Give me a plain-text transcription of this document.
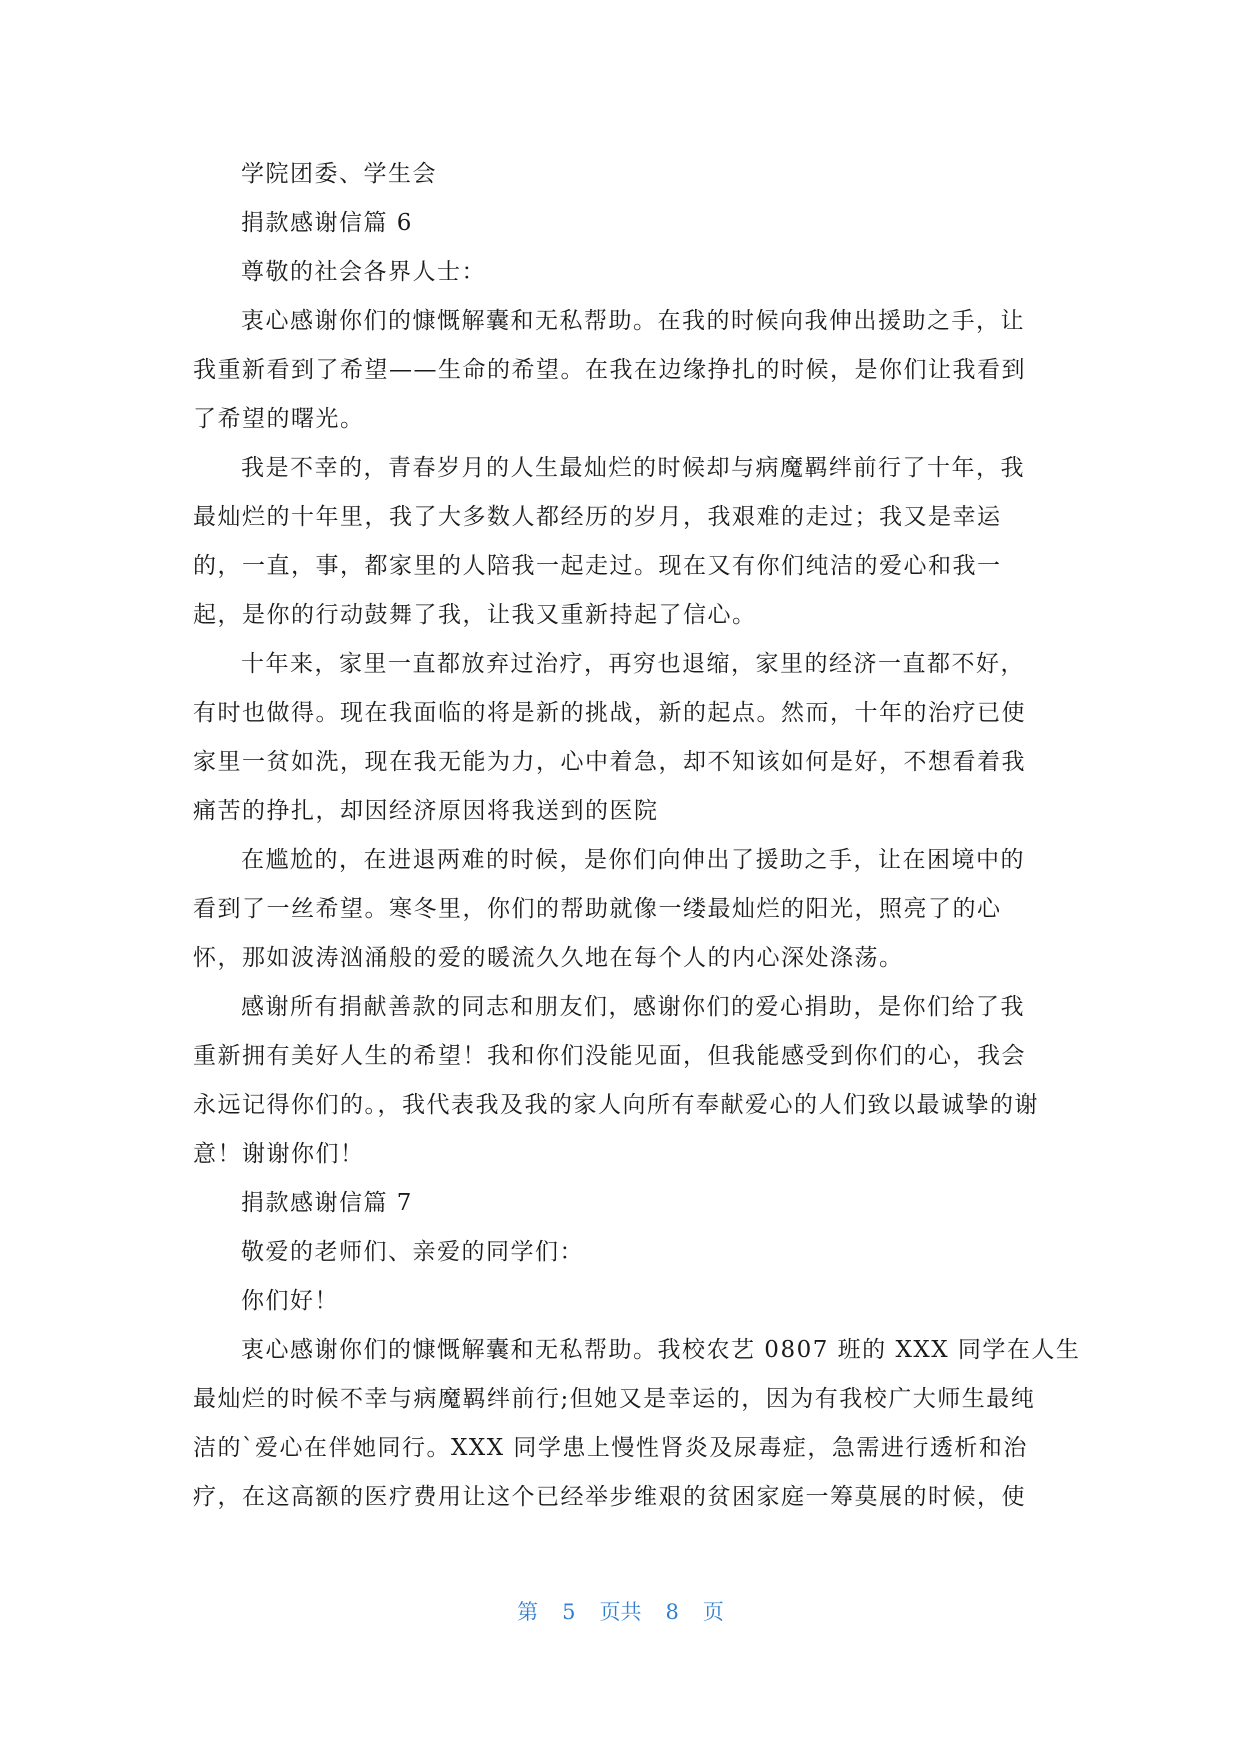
学院团委、学生会
捐款感谢信篇 6
尊敬的社会各界人士：
衷心感谢你们的慷慨解囊和无私帮助。在我的时候向我伸出援助之手，让
我重新看到了希望——生命的希望。在我在边缘挣扎的时候，是你们让我看到
了希望的曙光。
我是不幸的，青春岁月的人生最灿烂的时候却与病魔羁绊前行了十年，我
最灿烂的十年里，我了大多数人都经历的岁月，我艰难的走过；我又是幸运
的，一直，事，都家里的人陪我一起走过。现在又有你们纯洁的爱心和我一
起，是你的行动鼓舞了我，让我又重新持起了信心。
十年来，家里一直都放弃过治疗，再穷也退缩，家里的经济一直都不好，
有时也做得。现在我面临的将是新的挑战，新的起点。然而，十年的治疗已使
家里一贫如洗，现在我无能为力，心中着急，却不知该如何是好，不想看着我
痛苦的挣扎，却因经济原因将我送到的医院
在尴尬的，在进退两难的时候，是你们向伸出了援助之手，让在困境中的
看到了一丝希望。寒冬里，你们的帮助就像一缕最灿烂的阳光，照亮了的心
怀，那如波涛汹涌般的爱的暖流久久地在每个人的内心深处涤荡。
感谢所有捐献善款的同志和朋友们，感谢你们的爱心捐助，是你们给了我
重新拥有美好人生的希望！我和你们没能见面，但我能感受到你们的心，我会
永远记得你们的。，我代表我及我的家人向所有奉献爱心的人们致以最诚挚的谢
意！谢谢你们！
捐款感谢信篇 7
敬爱的老师们、亲爱的同学们：
你们好！
衷心感谢你们的慷慨解囊和无私帮助。我校农艺 0807 班的 XXX 同学在人生
最灿烂的时候不幸与病魔羁绊前行;但她又是幸运的，因为有我校广大师生最纯
洁的`爱心在伴她同行。XXX 同学患上慢性肾炎及尿毒症，急需进行透析和治
疗，在这高额的医疗费用让这个已经举步维艰的贫困家庭一筹莫展的时候，使
第 5 页共 8 页
